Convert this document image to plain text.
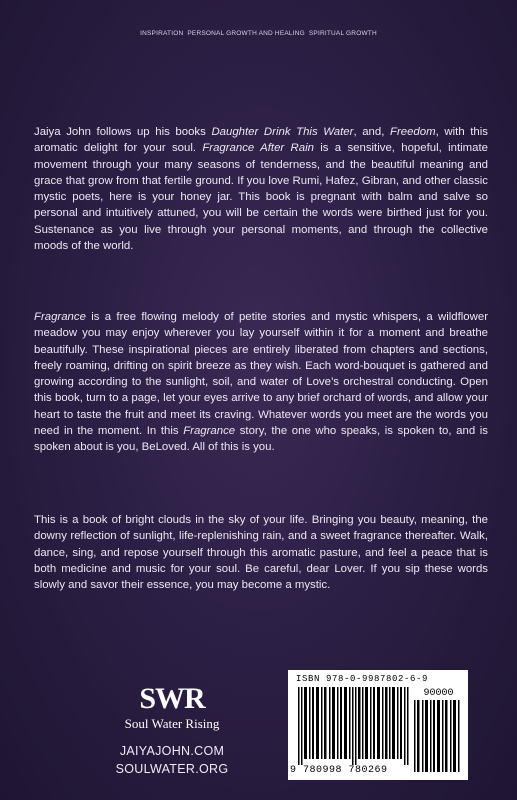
INSPIRATION  PERSONAL GROWTH AND HEALING  SPIRITUAL GROWTH

Jaiya John follows up his books Daughter Drink This Water, and, Freedom, with this aromatic delight for your soul. Fragrance After Rain is a sensitive, hopeful, intimate movement through your many seasons of tenderness, and the beautiful meaning and grace that grow from that fertile ground. If you love Rumi, Hafez, Gibran, and other classic mystic poets, here is your honey jar. This book is pregnant with balm and salve so personal and intuitively attuned, you will be certain the words were birthed just for you. Sustenance as you live through your personal moments, and through the collective moods of the world.

Fragrance is a free flowing melody of petite stories and mystic whispers, a wildflower meadow you may enjoy wherever you lay yourself within it for a moment and breathe beautifully. These inspirational pieces are entirely liberated from chapters and sections, freely roaming, drifting on spirit breeze as they wish. Each word-bouquet is gathered and growing according to the sunlight, soil, and water of Love’s orchestral conducting. Open this book, turn to a page, let your eyes arrive to any brief orchard of words, and allow your heart to taste the fruit and meet its craving. Whatever words you meet are the words you need in the moment. In this Fragrance story, the one who speaks, is spoken to, and is spoken about is you, BeLoved. All of this is you.

This is a book of bright clouds in the sky of your life. Bringing you beauty, meaning, the downy reflection of sunlight, life-replenishing rain, and a sweet fragrance thereafter. Walk, dance, sing, and repose yourself through this aromatic pasture, and feel a peace that is both medicine and music for your soul. Be careful, dear Lover. If you sip these words slowly and savor their essence, you may become a mystic.

SWR
Soul Water Rising
JAIYAJOHN.COM
SOULWATER.ORG
ISBN 978-0-9987802-6-9
90000
9 780998 780269
